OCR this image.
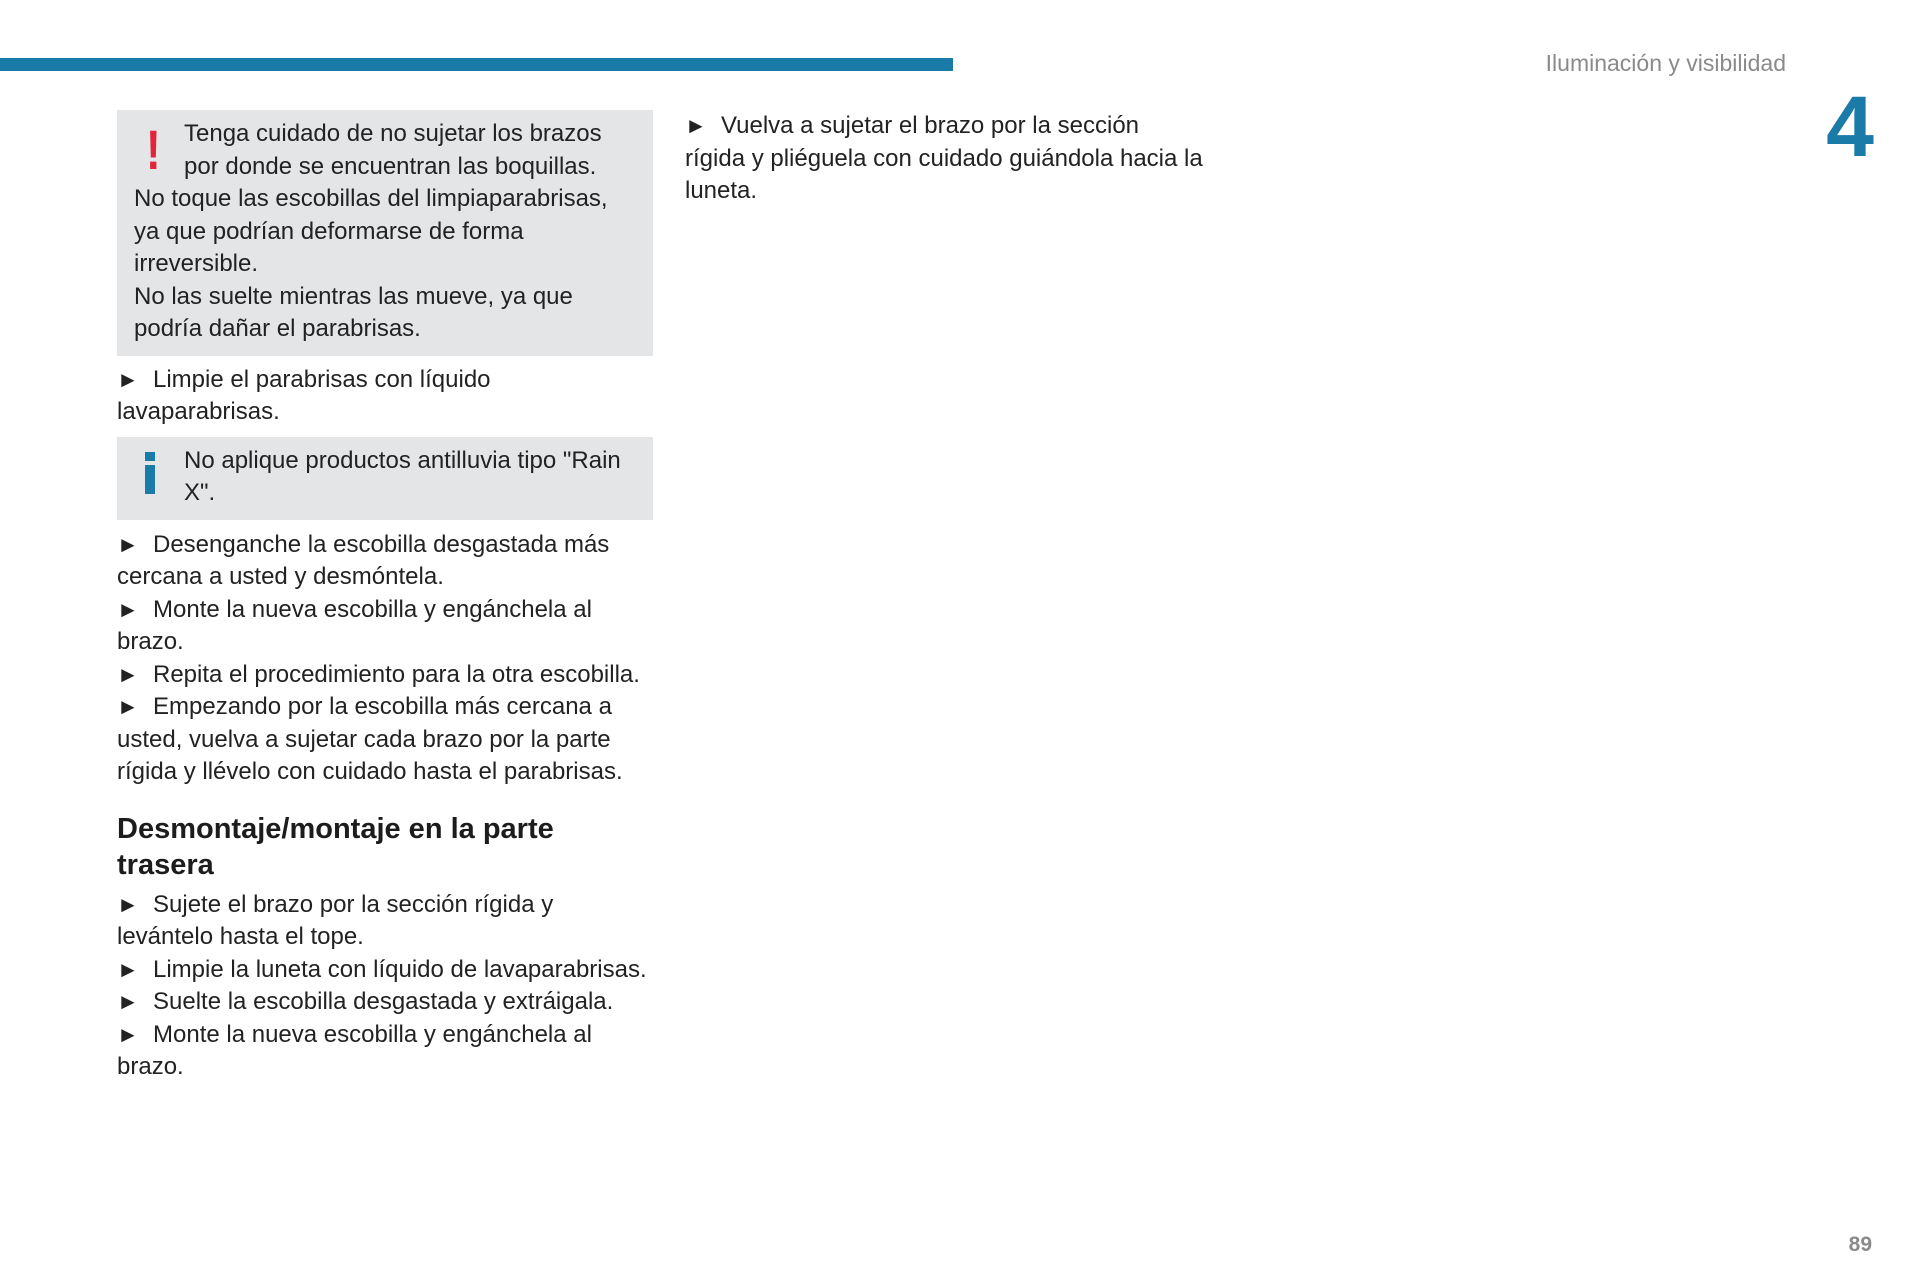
Iluminación y visibilidad
4
! Tenga cuidado de no sujetar los brazos por donde se encuentran las boquillas.

No toque las escobillas del limpiaparabrisas, ya que podrían deformarse de forma irreversible.

No las suelte mientras las mueve, ya que podría dañar el parabrisas.

► Limpie el parabrisas con líquido lavaparabrisas.

No aplique productos antilluvia tipo "Rain X".

► Desenganche la escobilla desgastada más cercana a usted y desmóntela.

► Monte la nueva escobilla y engánchela al brazo.

► Repita el procedimiento para la otra escobilla.

► Empezando por la escobilla más cercana a usted, vuelva a sujetar cada brazo por la parte rígida y llévelo con cuidado hasta el parabrisas.

Desmontaje/montaje en la parte trasera

► Sujete el brazo por la sección rígida y levántelo hasta el tope.

► Limpie la luneta con líquido de lavaparabrisas.

► Suelte la escobilla desgastada y extráigala.

► Monte la nueva escobilla y engánchela al brazo.

► Vuelva a sujetar el brazo por la sección rígida y pliéguela con cuidado guiándola hacia la luneta.

89
